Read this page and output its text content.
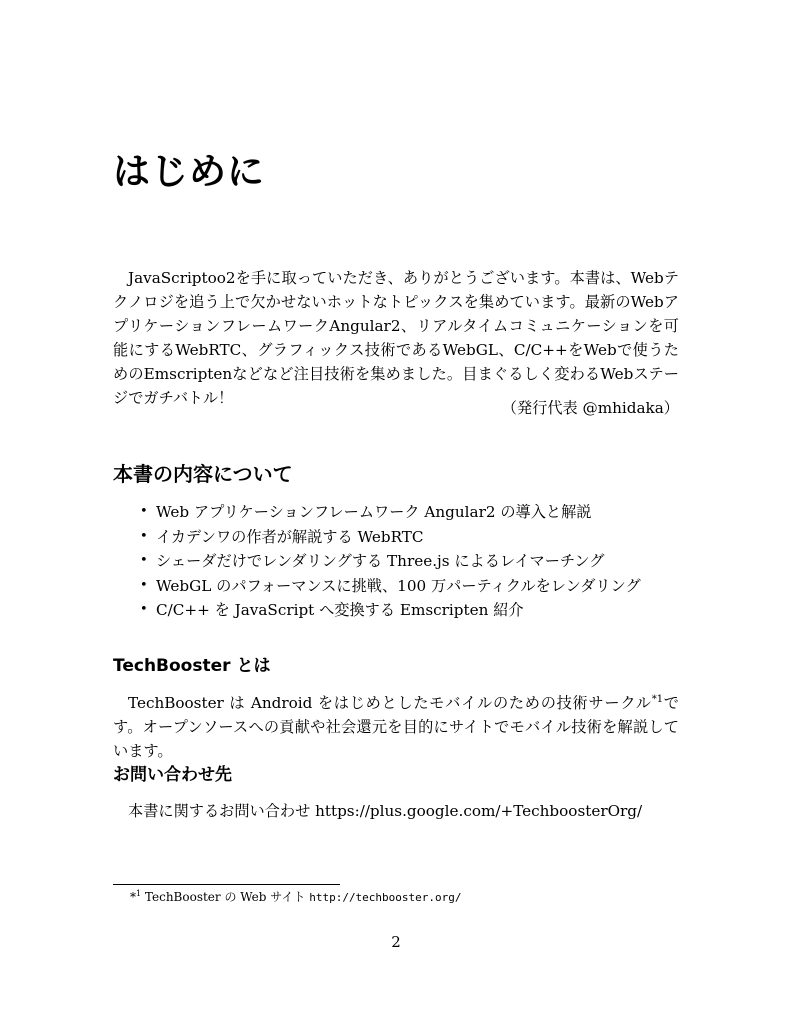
はじめに

JavaScriptoo2を手に取っていただき、ありがとうございます。本書は、Webテクノロジを追う上で欠かせないホットなトピックスを集めています。最新のWebアプリケーションフレームワークAngular2、リアルタイムコミュニケーションを可能にするWebRTC、グラフィックス技術であるWebGL、C/C++をWebで使うためのEmscriptenなどなど注目技術を集めました。目まぐるしく変わるWebステージでガチバトル！

（発行代表 @mhidaka）

本書の内容について
• Web アプリケーションフレームワーク Angular2 の導入と解説
• イカデンワの作者が解説する WebRTC
• シェーダだけでレンダリングする Three.js によるレイマーチング
• WebGL のパフォーマンスに挑戦、100 万パーティクルをレンダリング
• C/C++ を JavaScript へ変換する Emscripten 紹介
TechBooster とは

TechBooster は Android をはじめとしたモバイルのための技術サークル$^{*1}$です。オープンソースへの貢献や社会還元を目的にサイトでモバイル技術を解説しています。

お問い合わせ先

本書に関するお問い合わせ https://plus.google.com/+TechboosterOrg/

*$^1$ TechBooster の Web サイト http://techbooster.org/

2
